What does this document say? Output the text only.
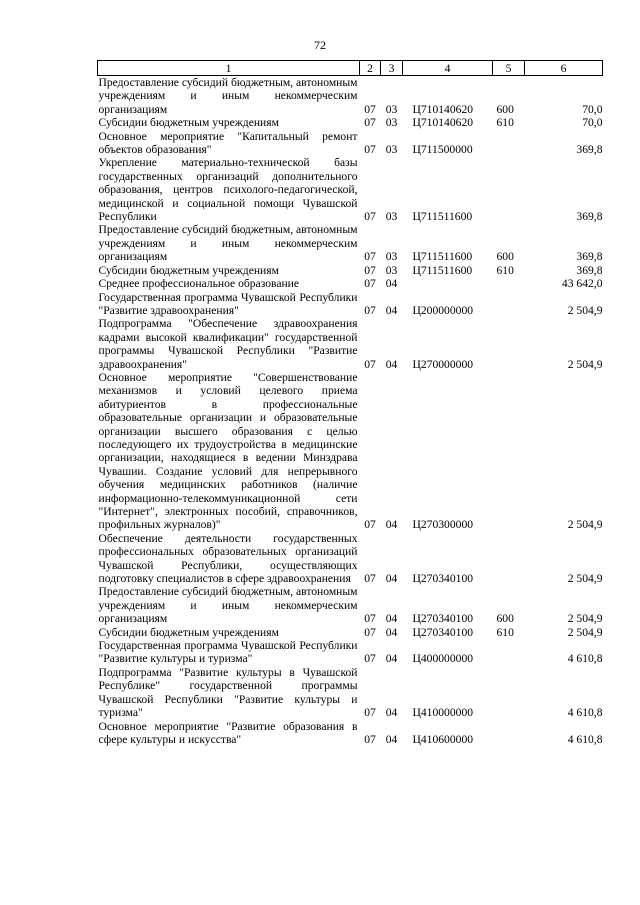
72
1	2	3	4	5	6
Предоставление субсидий бюджетным, автономным учреждениям и иным некоммерческим организациям	07	03	Ц710140620	600	70,0
Субсидии бюджетным учреждениям	07	03	Ц710140620	610	70,0
Основное мероприятие "Капитальный ремонт объектов образования"	07	03	Ц711500000		369,8
Укрепление материально-технической базы государственных организаций дополнительного образования, центров психолого-педагогической, медицинской и социальной помощи Чувашской Республики	07	03	Ц711511600		369,8
Предоставление субсидий бюджетным, автономным учреждениям и иным некоммерческим организациям	07	03	Ц711511600	600	369,8
Субсидии бюджетным учреждениям	07	03	Ц711511600	610	369,8
Среднее профессиональное образование	07	04			43 642,0
Государственная программа Чувашской Республики "Развитие здравоохранения"	07	04	Ц200000000		2 504,9
Подпрограмма "Обеспечение здравоохранения кадрами высокой квалификации" государственной программы Чувашской Республики "Развитие здравоохранения"	07	04	Ц270000000		2 504,9
Основное мероприятие "Совершенствование механизмов и условий целевого приема абитуриентов в профессиональные образовательные организации и образовательные организации высшего образования с целью последующего их трудоустройства в медицинские организации, находящиеся в ведении Минздрава Чувашии. Создание условий для непрерывного обучения медицинских работников (наличие информационно-телекоммуникационной сети "Интернет", электронных пособий, справочников, профильных журналов)"	07	04	Ц270300000		2 504,9
Обеспечение деятельности государственных профессиональных образовательных организаций Чувашской Республики, осуществляющих подготовку специалистов в сфере здравоохранения	07	04	Ц270340100		2 504,9
Предоставление субсидий бюджетным, автономным учреждениям и иным некоммерческим организациям	07	04	Ц270340100	600	2 504,9
Субсидии бюджетным учреждениям	07	04	Ц270340100	610	2 504,9
Государственная программа Чувашской Республики "Развитие культуры и туризма"	07	04	Ц400000000		4 610,8
Подпрограмма "Развитие культуры в Чувашской Республике" государственной программы Чувашской Республики "Развитие культуры и туризма"	07	04	Ц410000000		4 610,8
Основное мероприятие "Развитие образования в сфере культуры и искусства"	07	04	Ц410600000		4 610,8
